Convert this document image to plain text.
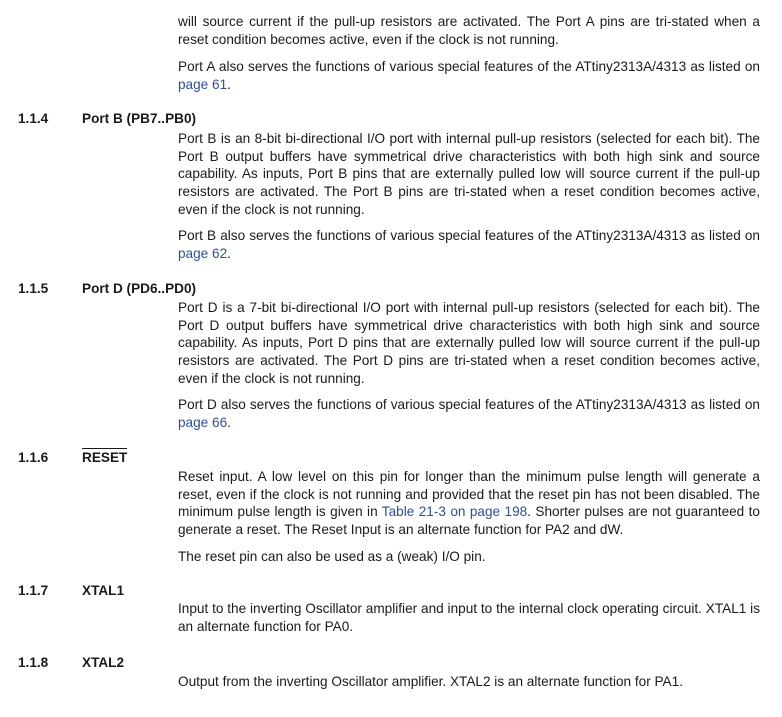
will source current if the pull-up resistors are activated. The Port A pins are tri-stated when a reset condition becomes active, even if the clock is not running.

Port A also serves the functions of various special features of the ATtiny2313A/4313 as listed on page 61.

1.1.4 Port B (PB7..PB0)

Port B is an 8-bit bi-directional I/O port with internal pull-up resistors (selected for each bit). The Port B output buffers have symmetrical drive characteristics with both high sink and source capability. As inputs, Port B pins that are externally pulled low will source current if the pull-up resistors are activated. The Port B pins are tri-stated when a reset condition becomes active, even if the clock is not running.

Port B also serves the functions of various special features of the ATtiny2313A/4313 as listed on page 62.

1.1.5 Port D (PD6..PD0)

Port D is a 7-bit bi-directional I/O port with internal pull-up resistors (selected for each bit). The Port D output buffers have symmetrical drive characteristics with both high sink and source capability. As inputs, Port D pins that are externally pulled low will source current if the pull-up resistors are activated. The Port D pins are tri-stated when a reset condition becomes active, even if the clock is not running.

Port D also serves the functions of various special features of the ATtiny2313A/4313 as listed on page 66.

1.1.6 RESET

Reset input. A low level on this pin for longer than the minimum pulse length will generate a reset, even if the clock is not running and provided that the reset pin has not been disabled. The minimum pulse length is given in Table 21-3 on page 198. Shorter pulses are not guaranteed to generate a reset. The Reset Input is an alternate function for PA2 and dW.

The reset pin can also be used as a (weak) I/O pin.

1.1.7 XTAL1

Input to the inverting Oscillator amplifier and input to the internal clock operating circuit. XTAL1 is an alternate function for PA0.

1.1.8 XTAL2

Output from the inverting Oscillator amplifier. XTAL2 is an alternate function for PA1.
